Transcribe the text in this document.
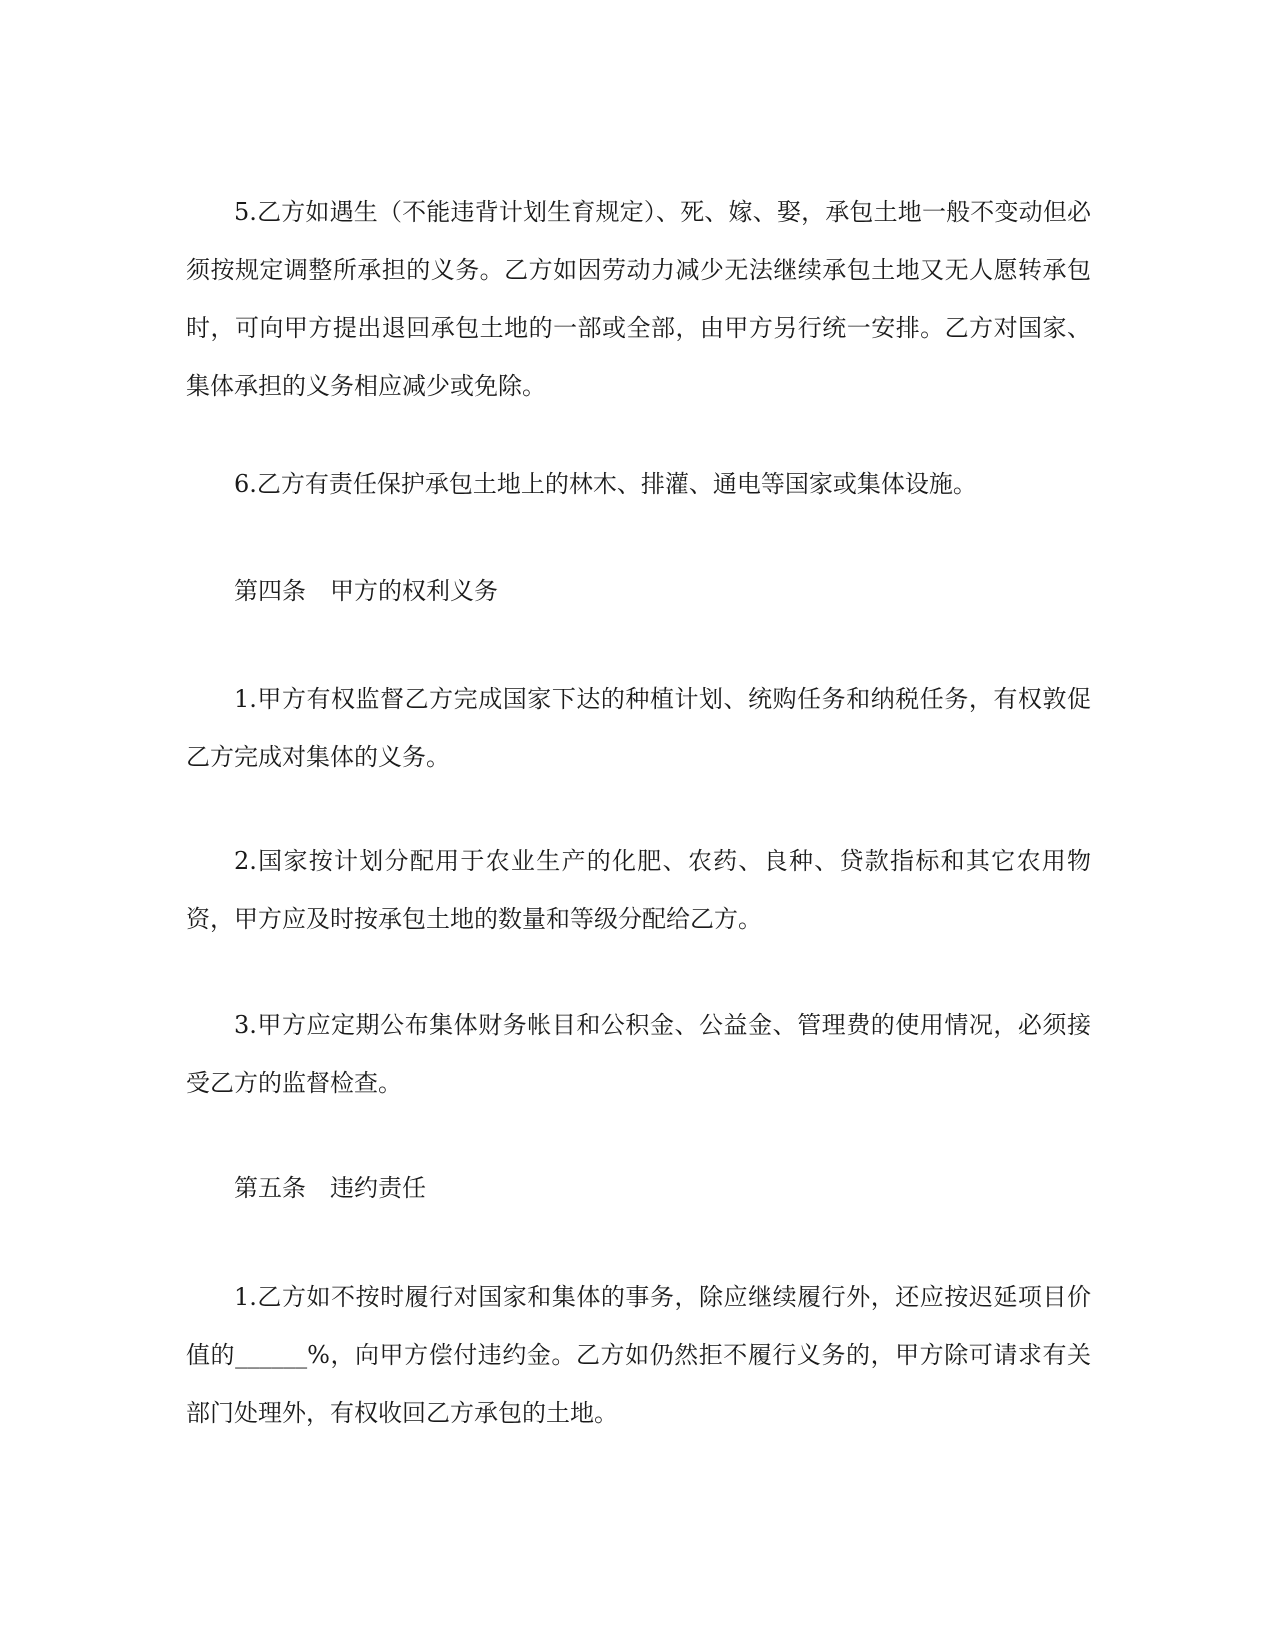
5.乙方如遇生（不能违背计划生育规定）、死、嫁、娶，承包土地一般不变动但必须按规定调整所承担的义务。乙方如因劳动力减少无法继续承包土地又无人愿转承包时，可向甲方提出退回承包土地的一部或全部，由甲方另行统一安排。乙方对国家、集体承担的义务相应减少或免除。

6.乙方有责任保护承包土地上的林木、排灌、通电等国家或集体设施。

第四条 甲方的权利义务

1.甲方有权监督乙方完成国家下达的种植计划、统购任务和纳税任务，有权敦促乙方完成对集体的义务。

2.国家按计划分配用于农业生产的化肥、农药、良种、贷款指标和其它农用物资，甲方应及时按承包土地的数量和等级分配给乙方。

3.甲方应定期公布集体财务帐目和公积金、公益金、管理费的使用情况，必须接受乙方的监督检查。

第五条 违约责任

1.乙方如不按时履行对国家和集体的事务，除应继续履行外，还应按迟延项目价值的______%，向甲方偿付违约金。乙方如仍然拒不履行义务的，甲方除可请求有关部门处理外，有权收回乙方承包的土地。
